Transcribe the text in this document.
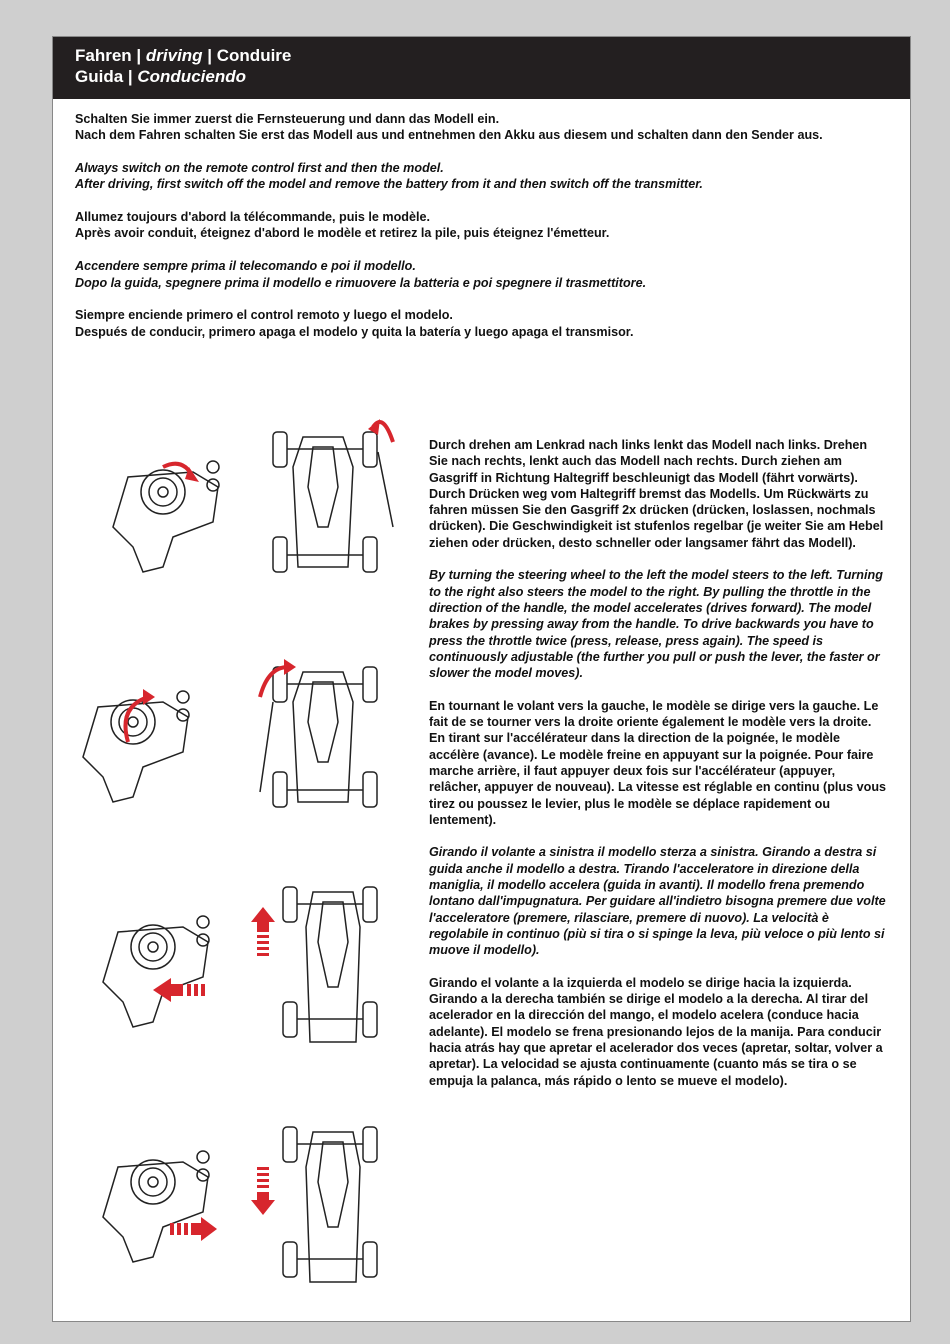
Fahren | driving | Conduire
Guida | Conduciendo

Schalten Sie immer zuerst die Fernsteuerung und dann das Modell ein.
Nach dem Fahren schalten Sie erst das Modell aus und entnehmen den Akku aus diesem und schalten dann den Sender aus.

Always switch on the remote control first and then the model.
After driving, first switch off the model and remove the battery from it and then switch off the transmitter.

Allumez toujours d'abord la télécommande, puis le modèle.
Après avoir conduit, éteignez d'abord le modèle et retirez la pile, puis éteignez l'émetteur.

Accendere sempre prima il telecomando e poi il modello.
Dopo la guida, spegnere prima il modello e rimuovere la batteria e poi spegnere il trasmettitore.

Siempre enciende primero el control remoto y luego el modelo.
Después de conducir, primero apaga el modelo y quita la batería y luego apaga el transmisor.

Durch drehen am Lenkrad nach links lenkt das Modell nach links. Drehen Sie nach rechts, lenkt auch das Modell nach rechts. Durch ziehen am Gasgriff in Richtung Haltegriff beschleunigt das Modell (fährt vorwärts). Durch Drücken weg vom Haltegriff bremst das Modells. Um Rückwärts zu fahren müssen Sie den Gasgriff 2x drücken (drücken, loslassen, nochmals drücken). Die Geschwindigkeit ist stufenlos regelbar (je weiter Sie am Hebel ziehen oder drücken, desto schneller oder langsamer fährt das Modell).

By turning the steering wheel to the left the model steers to the left. Turning to the right also steers the model to the right. By pulling the throttle in the direction of the handle, the model accelerates (drives forward). The model brakes by pressing away from the handle. To drive backwards you have to press the throttle twice (press, release, press again). The speed is continuously adjustable (the further you pull or push the lever, the faster or slower the model moves).

En tournant le volant vers la gauche, le modèle se dirige vers la gauche. Le fait de se tourner vers la droite oriente également le modèle vers la droite. En tirant sur l'accélérateur dans la direction de la poignée, le modèle accélère (avance). Le modèle freine en appuyant sur la poignée. Pour faire marche arrière, il faut appuyer deux fois sur l'accélérateur (appuyer, relâcher, appuyer de nouveau). La vitesse est réglable en continu (plus vous tirez ou poussez le levier, plus le modèle se déplace rapidement ou lentement).

Girando il volante a sinistra il modello sterza a sinistra. Girando a destra si guida anche il modello a destra. Tirando l'acceleratore in direzione della maniglia, il modello accelera (guida in avanti). Il modello frena premendo lontano dall'impugnatura. Per guidare all'indietro bisogna premere due volte l'acceleratore (premere, rilasciare, premere di nuovo). La velocità è regolabile in continuo (più si tira o si spinge la leva, più veloce o più lento si muove il modello).

Girando el volante a la izquierda el modelo se dirige hacia la izquierda. Girando a la derecha también se dirige el modelo a la derecha. Al tirar del acelerador en la dirección del mango, el modelo acelera (conduce hacia adelante). El modelo se frena presionando lejos de la manija. Para conducir hacia atrás hay que apretar el acelerador dos veces (apretar, soltar, volver a apretar). La velocidad se ajusta continuamente (cuanto más se tira o se empuja la palanca, más rápido o lento se mueve el modelo).
